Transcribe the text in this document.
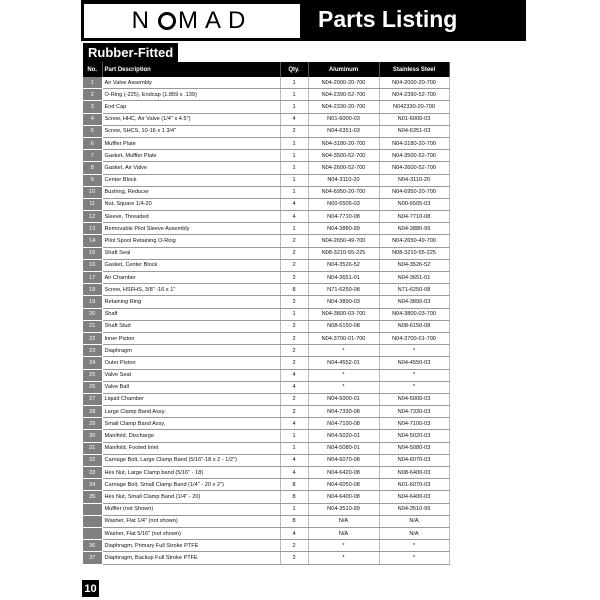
N M A D	Parts Listing
Rubber-Fitted
No.	Part Description	Qty.	Aluminum	Stainless Steel
1	Air Valve Assembly	1	N04-2000-20-700	N04-2000-20-700
2	O-Ring (-225), Endcap (1.859 x .139)	1	N04-2390-52-700	N04-2390-52-700
3	End Cap	1	N04-2330-20-700	N042330-20-700
4	Screw, HHC, Air Valve (1/4" x 4.5")	4	N01-6000-03	N01-6000-03
5	Screw, SHCS, 10-16 x 1 3/4"	2	N04-6351-03	N04-6351-03
6	Muffler Plate	1	N04-3180-20-700	N04-3180-20-700
7	Gasket, Muffler Plate	1	N04-3500-52-700	N04-3500-52-700
8	Gasket, Air Valve	1	N04-2600-52-700	N04-2600-52-700
9	Center Block	1	N04-3110-20	N04-3110-20
10	Bushing, Reducer	1	N04-6950-20-700	N04-6950-20-700
11	Nut, Square 1/4-20	4	N00-6505-03	N00-6505-03
12	Sleeve, Threaded	4	N04-7710-08	N04-7710-08
13	Removable Pilot Sleeve Assembly	1	N04-3880-99	N04-3880-99
14	Pilot Spool Retaining O-Ring	2	N04-2650-49-700	N04-2650-49-700
15	Shaft Seal	2	N08-3210-55-225	N08-3210-55-225
16	Gasket, Center Block	2	N04-3526-52	N04-3526-52
17	Air Chamber	2	N04-3651-01	N04-3651-01
18	Screw, HSFHS, 3/8" -16 x 1"	8	N71-6250-08	N71-6250-08
19	Retaining Ring	2	N04-3890-03	N04-3890-03
20	Shaft	1	N04-3800-03-700	N04-3800-03-700
21	Shaft Stud	2	N08-6150-08	N08-6150-08
22	Inner Piston	2	N04-3700-01-700	N04-3700-01-700
23	Diaphragm	2	*	*
24	Outer Piston	2	N04-4552-01	N04-4550-03
25	Valve Seat	4	*	*
26	Valve Ball	4	*	*
27	Liquid Chamber	2	N04-5000-01	N04-5000-03
28	Large Clamp Band Assy.	2	N04-7330-08	N04-7330-03
29	Small Clamp Band Assy.	4	N04-7100-08	N04-7100-03
30	Manifold, Discharge	1	N04-5020-01	N04-5020-03
31	Manifold, Footed Inlet	1	N04-5080-01	N04-5080-03
32	Carriage Bolt, Large Clamp Band (5/16"-18 x 2 - 1/2")	4	N04-6070-08	N04-6070-03
33	Hex Nut, Large Clamp band (5/16" - 18)	4	N04-6420-08	N08-6400-03
34	Carriage Bolt, Small Clamp Band (1/4" - 20 x 2")	8	N04-6050-08	N01-6070-03
35	Hex Nut, Small Clamp Band (1/4" - 20)	8	N04-6400-08	N04-6400-03
	Muffler (not Shown)	1	N04-3510-99	N04-3510-99
	Washer, Flat 1/4" (not shown)	8	N/A	N/A
	Washer, Flat 5/16" (not shown)	4	N/A	N/A
36	Diaphragm, Primary Full Stroke PTFE	2	*	*
37	Diaphragm, Backup Full Stroke PTFE	2	*	*
10
